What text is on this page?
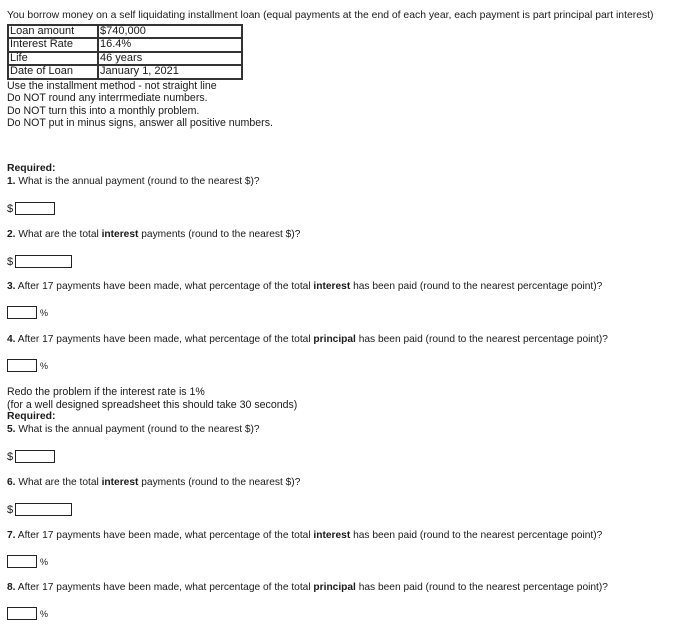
You borrow money on a self liquidating installment loan (equal payments at the end of each year, each payment is part principal part interest)

Loan amount	$740,000
Interest Rate	16.4%
Life	46 years
Date of Loan	January 1, 2021

Use the installment method - not straight line

Do NOT round any interrmediate numbers.

Do NOT turn this into a monthly problem.

Do NOT put in minus signs, answer all positive numbers.

Required:

1. What is the annual payment (round to the nearest $)?

$

2. What are the total interest payments (round to the nearest $)?

$

3. After 17 payments have been made, what percentage of the total interest has been paid (round to the nearest percentage point)?

%

4. After 17 payments have been made, what percentage of the total principal has been paid (round to the nearest percentage point)?

%

Redo the problem if the interest rate is 1%

(for a well designed spreadsheet this should take 30 seconds)

Required:

5. What is the annual payment (round to the nearest $)?

$

6. What are the total interest payments (round to the nearest $)?

$

7. After 17 payments have been made, what percentage of the total interest has been paid (round to the nearest percentage point)?

%

8. After 17 payments have been made, what percentage of the total principal has been paid (round to the nearest percentage point)?

%
